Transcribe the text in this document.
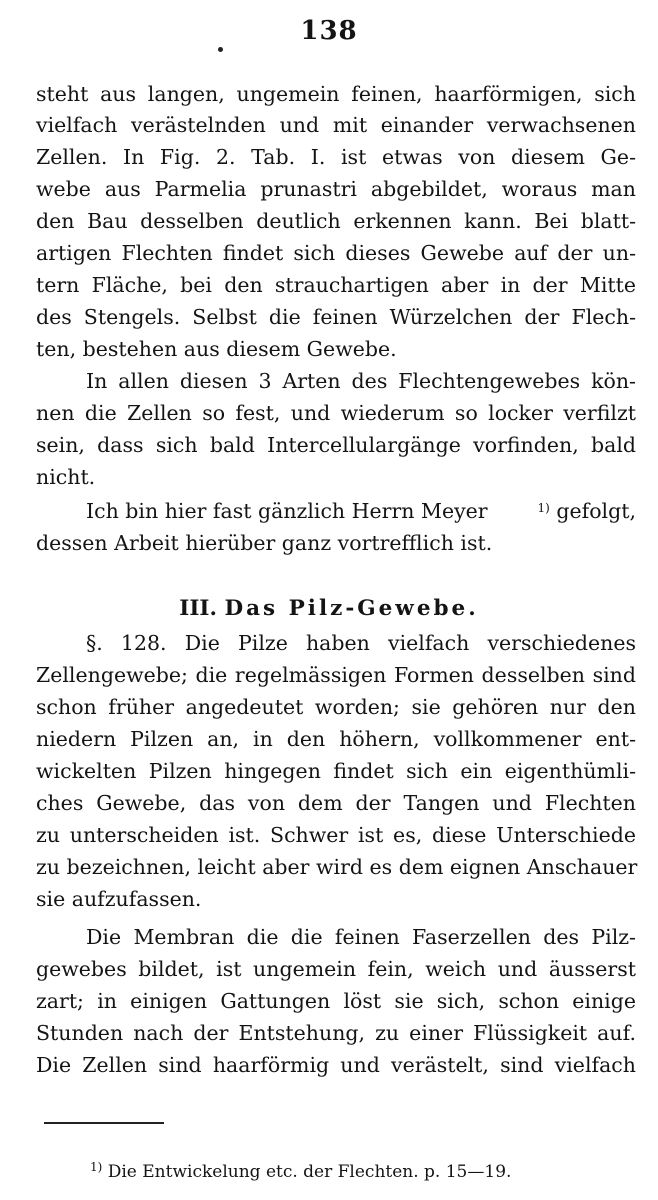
138
steht aus langen, ungemein feinen, haarförmigen, sich
vielfach verästelnden und mit einander verwachsenen
Zellen. In Fig. 2. Tab. I. ist etwas von diesem Ge-
webe aus Parmelia prunastri abgebildet, woraus man
den Bau desselben deutlich erkennen kann. Bei blatt-
artigen Flechten findet sich dieses Gewebe auf der un-
tern Fläche, bei den strauchartigen aber in der Mitte
des Stengels. Selbst die feinen Würzelchen der Flech-
ten, bestehen aus diesem Gewebe.
In allen diesen 3 Arten des Flechtengewebes kön-
nen die Zellen so fest, und wiederum so locker verfilzt
sein, dass sich bald Intercellulargänge vorfinden, bald
nicht.
Ich bin hier fast gänzlich Herrn Meyer	$^{1)}$ gefolgt,
dessen Arbeit hierüber ganz vortrefflich ist.
III. Das Pilz-Gewebe.
§. 128. Die Pilze haben vielfach verschiedenes
Zellengewebe; die regelmässigen Formen desselben sind
schon früher angedeutet worden; sie gehören nur den
niedern Pilzen an, in den höhern, vollkommener ent-
wickelten Pilzen hingegen findet sich ein eigenthümli-
ches Gewebe, das von dem der Tangen und Flechten
zu unterscheiden ist. Schwer ist es, diese Unterschiede
zu bezeichnen, leicht aber wird es dem eignen Anschauer
sie aufzufassen.
Die Membran die die feinen Faserzellen des Pilz-
gewebes bildet, ist ungemein fein, weich und äusserst
zart; in einigen Gattungen löst sie sich, schon einige
Stunden nach der Entstehung, zu einer Flüssigkeit auf.
Die Zellen sind haarförmig und verästelt, sind vielfach
$^{1)}$ Die Entwickelung etc. der Flechten. p. 15—19.
